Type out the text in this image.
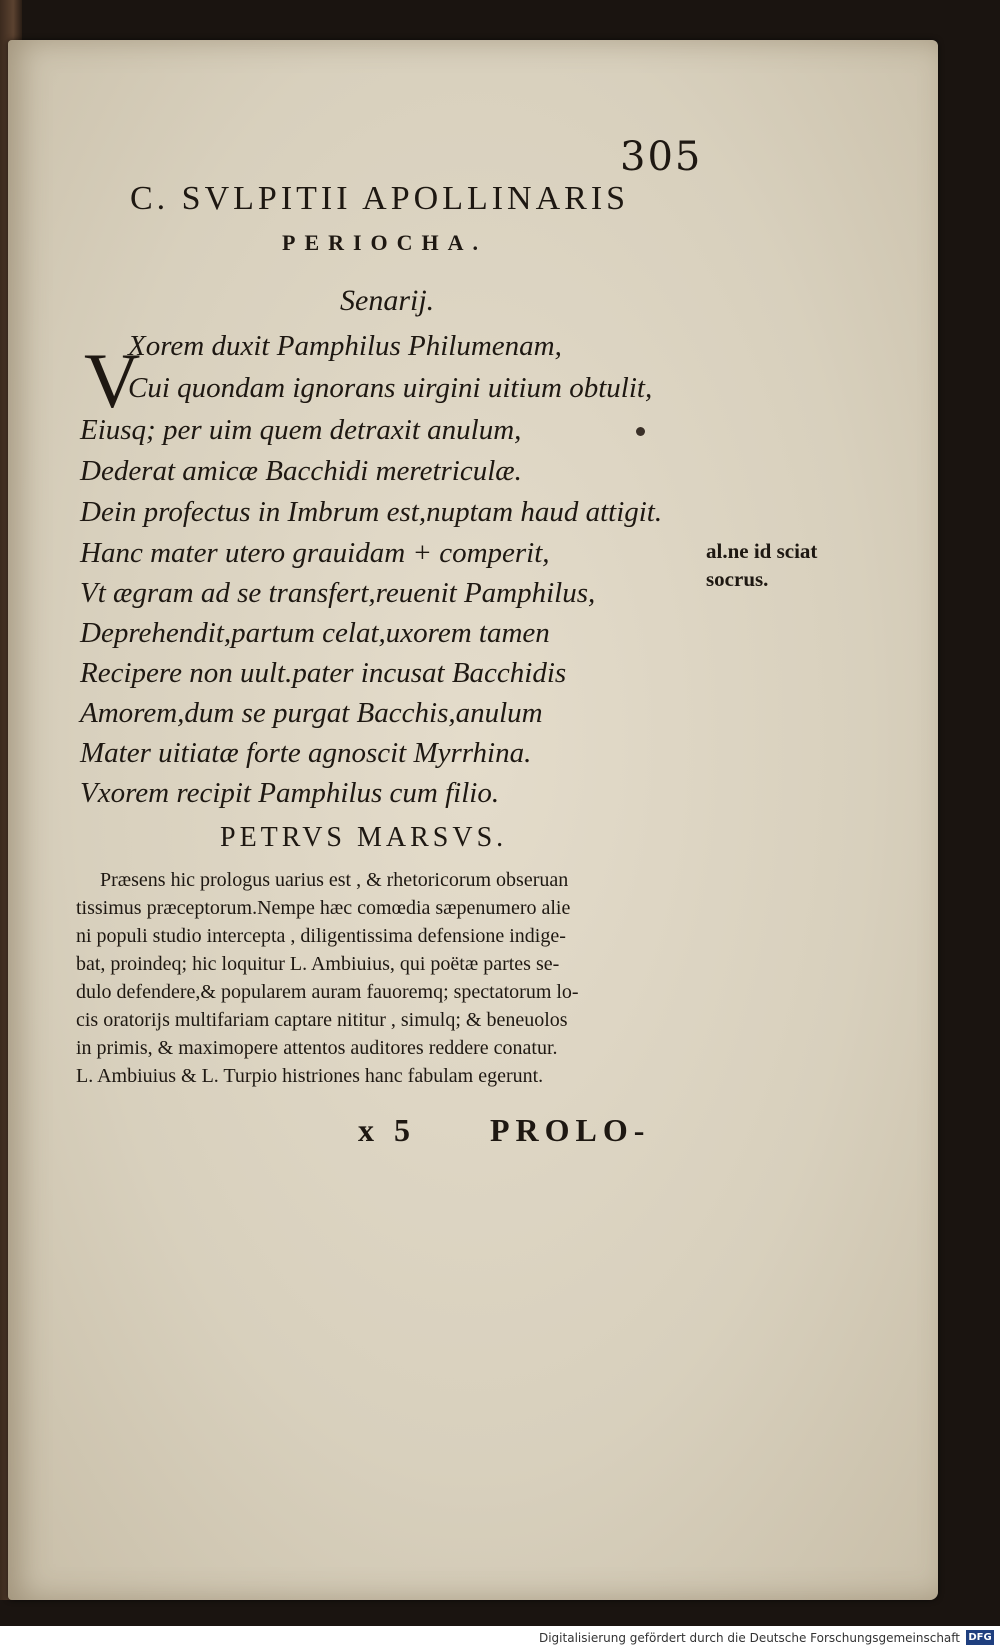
305
C. SVLPITII APOLLINARIS
PERIOCHA.
Senarij.
V
Xorem duxit Pamphilus Philumenam,
Cui quondam ignorans uirgini uitium obtulit,
Eiusq; per uim quem detraxit anulum,
Dederat amicæ Bacchidi meretriculæ.
Dein profectus in Imbrum est,nuptam haud attigit.
Hanc mater utero grauidam + comperit,
Vt ægram ad se transfert,reuenit Pamphilus,
Deprehendit,partum celat,uxorem tamen
Recipere non uult.pater incusat Bacchidis
Amorem,dum se purgat Bacchis,anulum
Mater uitiatæ forte agnoscit Myrrhina.
Vxorem recipit Pamphilus cum filio.
al.ne id sciat
socrus.
PETRVS MARSVS.
Præsens hic prologus uarius est , & rhetoricorum obseruan
tissimus præceptorum.Nempe hæc comœdia sæpenumero alie
ni populi studio intercepta , diligentissima defensione indige-
bat, proindeq; hic loquitur L. Ambiuius, qui poëtæ partes se-
dulo defendere,& popularem auram fauoremq; spectatorum lo-
cis oratorijs multifariam captare nititur , simulq; & beneuolos
in primis, & maximopere attentos auditores reddere conatur.
L. Ambiuius & L. Turpio histriones hanc fabulam egerunt.
x 5 PROLO-
Digitalisierung gefördert durch die Deutsche Forschungsgemeinschaft DFG
